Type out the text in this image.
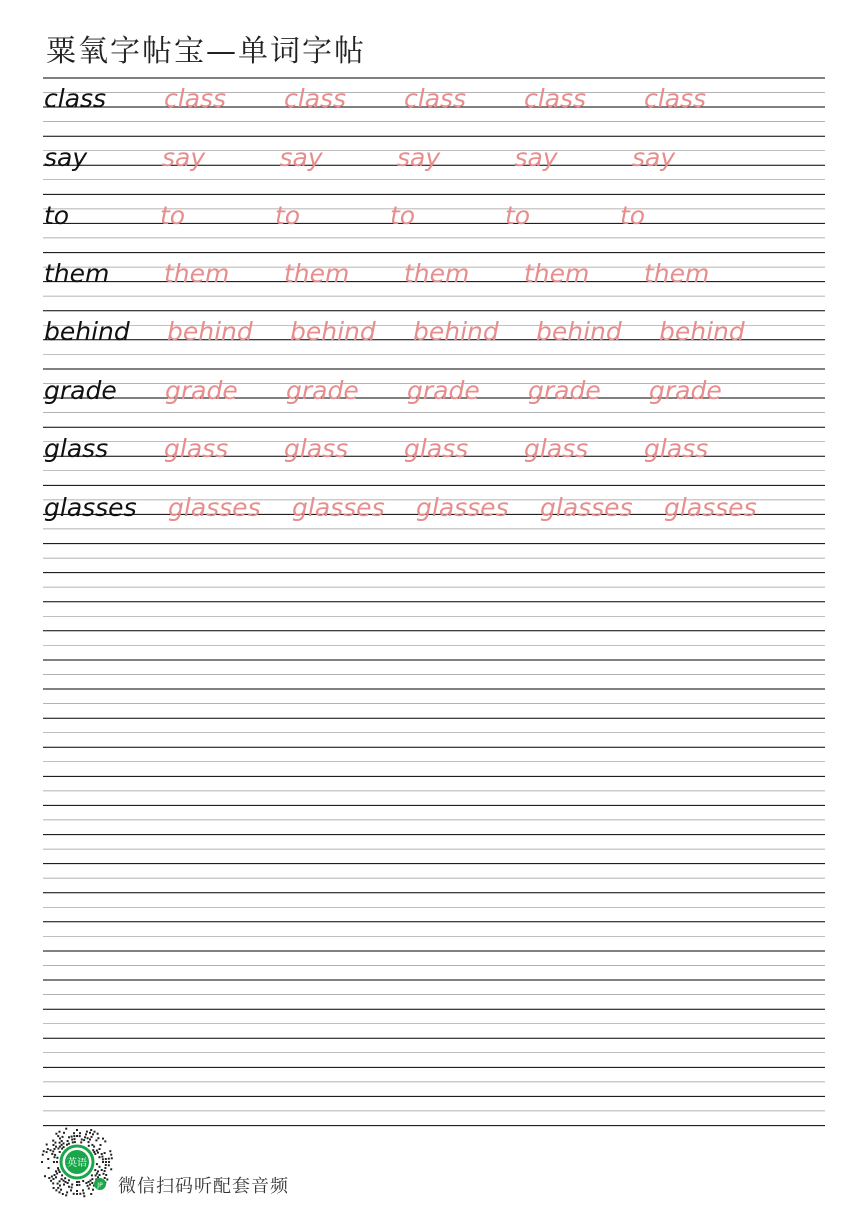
粟氧字帖宝—单词字帖
class class class class class class
say	say	say	say	say	say
to	to	to	to	to	to
them them them them them them
behind behind behind behind behind behind
grade grade grade grade grade grade
glass glass glass glass glass glass
glasses glasses glasses glasses glasses glasses
英语
JP 微信扫码听配套音频
